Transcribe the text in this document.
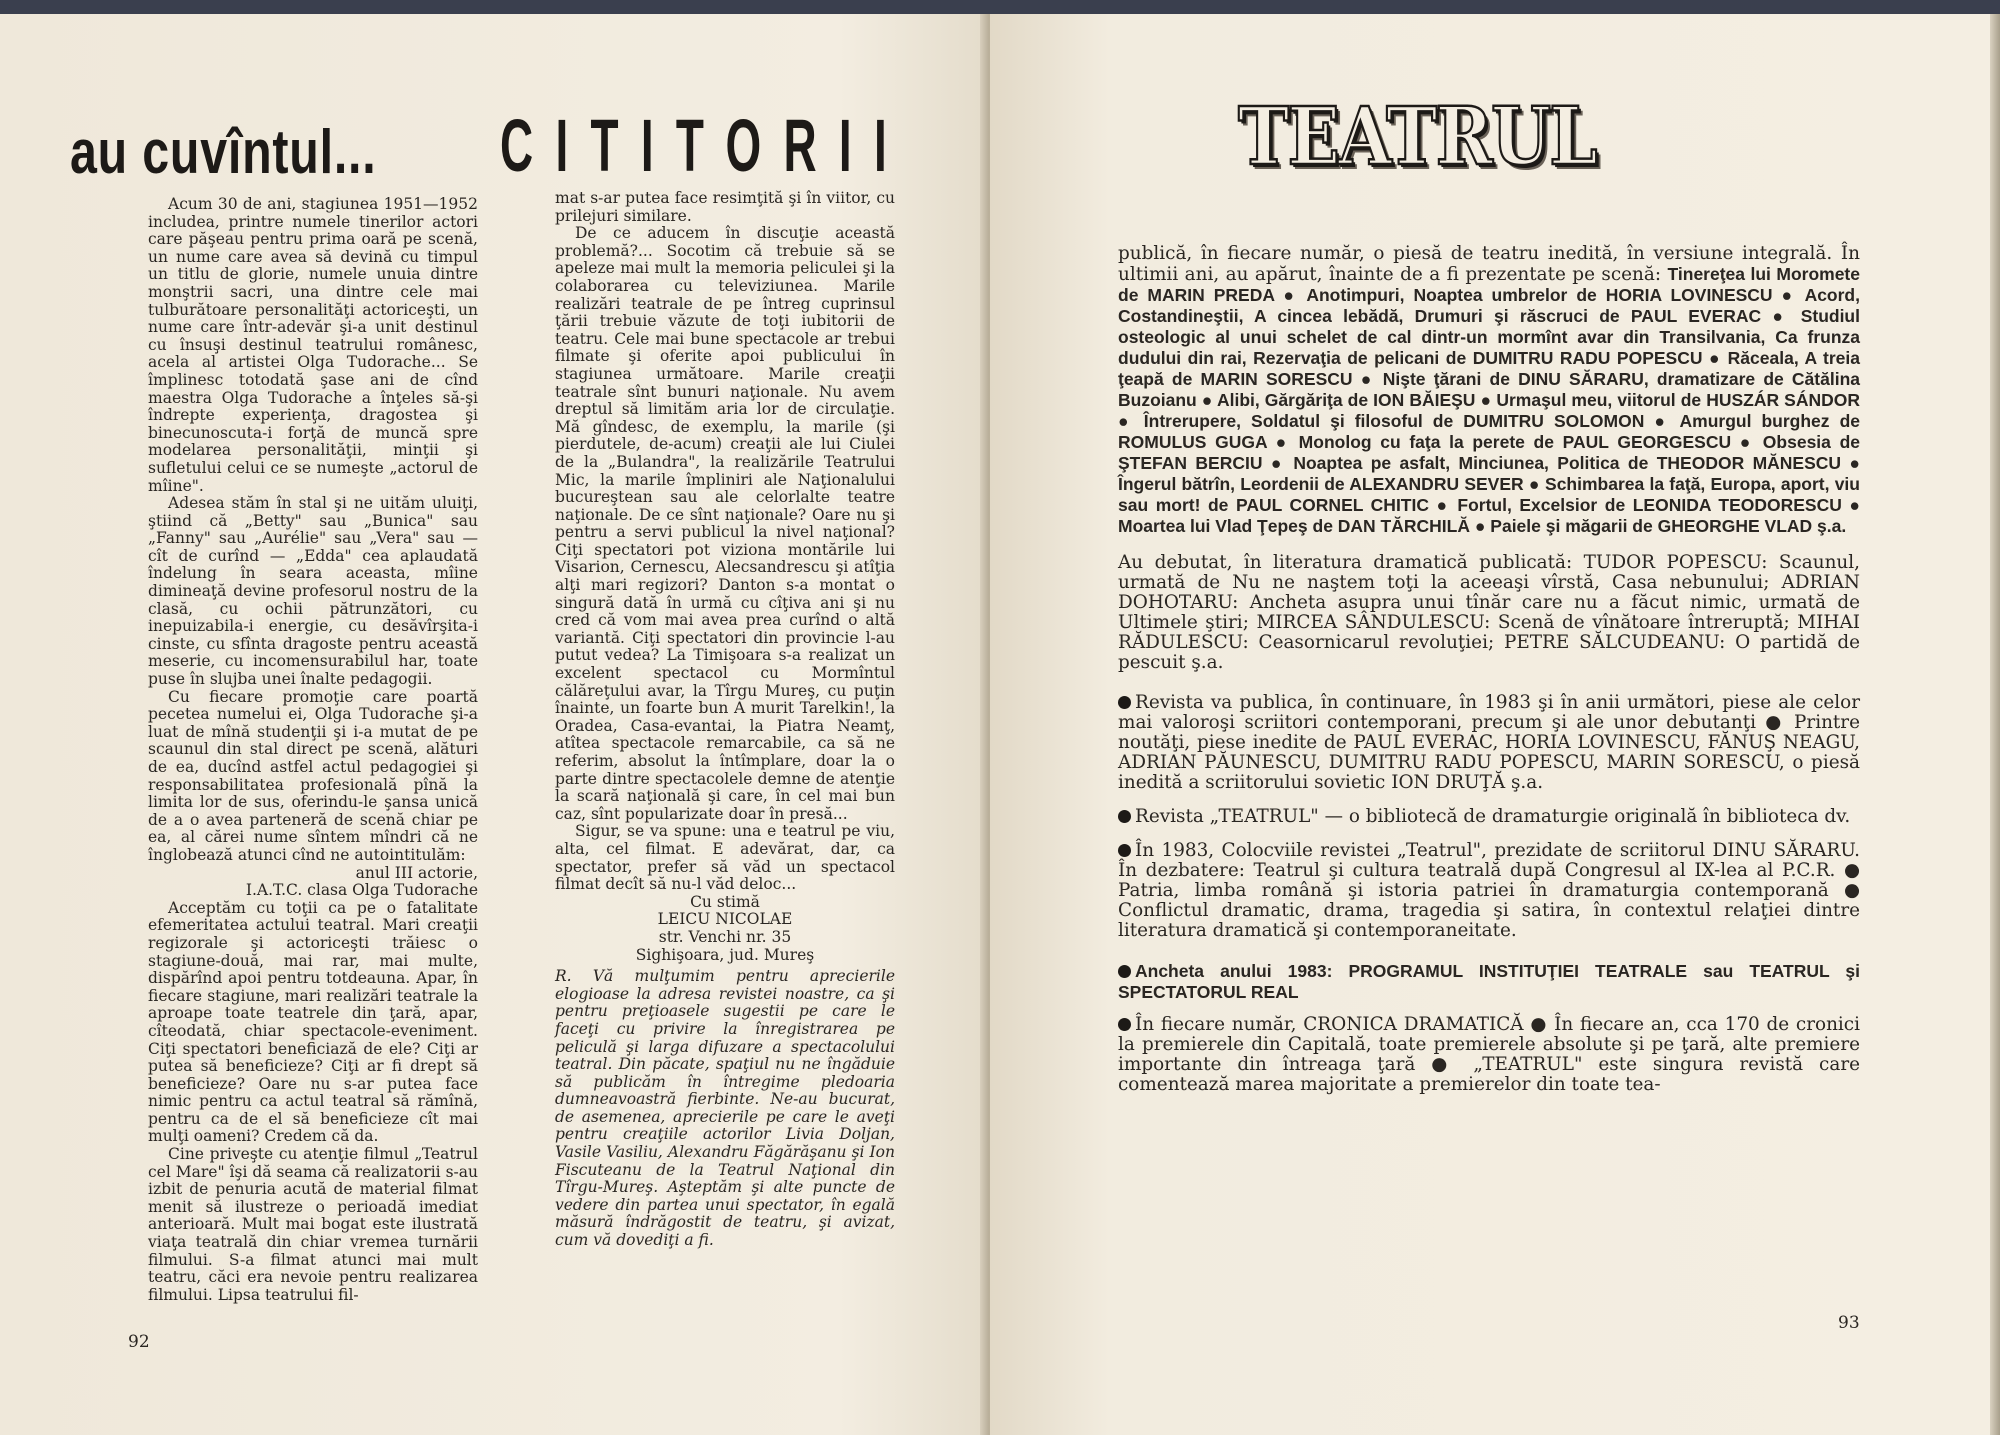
au cuvîntul... CITITORII

Acum 30 de ani, stagiunea 1951—1952 includea, printre numele tinerilor actori care păşeau pentru prima oară pe scenă, un nume care avea să devină cu timpul un titlu de glorie, numele unuia dintre monştrii sacri, una dintre cele mai tulburătoare personalităţi actoriceşti, un nume care într-adevăr şi-a unit destinul cu însuşi destinul teatrului românesc, acela al artistei Olga Tudorache... Se împlinesc totodată şase ani de cînd maestra Olga Tudorache a înţeles să-şi îndrepte experienţa, dragostea şi binecunoscuta-i forţă de muncă spre modelarea personalităţii, minţii şi sufletului celui ce se numeşte „actorul de mîine".

Adesea stăm în stal şi ne uităm uluiţi, ştiind că „Betty" sau „Bunica" sau „Fanny" sau „Aurélie" sau „Vera" sau — cît de curînd — „Edda" cea aplaudată îndelung în seara aceasta, mîine dimineaţă devine profesorul nostru de la clasă, cu ochii pătrunzători, cu inepuizabila-i energie, cu desăvîrşita-i cinste, cu sfînta dragoste pentru această meserie, cu incomensurabilul har, toate puse în slujba unei înalte pedagogii.

Cu fiecare promoţie care poartă pecetea numelui ei, Olga Tudorache şi-a luat de mînă studenţii şi i-a mutat de pe scaunul din stal direct pe scenă, alături de ea, ducînd astfel actul pedagogiei şi responsabilitatea profesională pînă la limita lor de sus, oferindu-le şansa unică de a o avea parteneră de scenă chiar pe ea, al cărei nume sîntem mîndri că ne înglobează atunci cînd ne autointitulăm:

anul III actorie,

I.A.T.C. clasa Olga Tudorache

Acceptăm cu toţii ca pe o fatalitate efemeritatea actului teatral. Mari creaţii regizorale şi actoriceşti trăiesc o stagiune-două, mai rar, mai multe, dispărînd apoi pentru totdeauna. Apar, în fiecare stagiune, mari realizări teatrale la aproape toate teatrele din ţară, apar, cîteodată, chiar spectacole-eveniment. Ciţi spectatori beneficiază de ele? Ciţi ar putea să beneficieze? Ciţi ar fi drept să beneficieze? Oare nu s-ar putea face nimic pentru ca actul teatral să rămînă, pentru ca de el să beneficieze cît mai mulţi oameni? Credem că da.

Cine priveşte cu atenţie filmul „Teatrul cel Mare" îşi dă seama că realizatorii s-au izbit de penuria acută de material filmat menit să ilustreze o perioadă imediat anterioară. Mult mai bogat este ilustrată viaţa teatrală din chiar vremea turnării filmului. S-a filmat atunci mai mult teatru, căci era nevoie pentru realizarea filmului. Lipsa teatrului fil-

mat s-ar putea face resimţită şi în viitor, cu prilejuri similare.

De ce aducem în discuţie această problemă?... Socotim că trebuie să se apeleze mai mult la memoria peliculei şi la colaborarea cu televiziunea. Marile realizări teatrale de pe întreg cuprinsul ţării trebuie văzute de toţi iubitorii de teatru. Cele mai bune spectacole ar trebui filmate şi oferite apoi publicului în stagiunea următoare. Marile creaţii teatrale sînt bunuri naţionale. Nu avem dreptul să limităm aria lor de circulaţie. Mă gîndesc, de exemplu, la marile (şi pierdutele, de-acum) creaţii ale lui Ciulei de la „Bulandra", la realizările Teatrului Mic, la marile împliniri ale Naţionalului bucureştean sau ale celorlalte teatre naţionale. De ce sînt naţionale? Oare nu şi pentru a servi publicul la nivel naţional? Ciţi spectatori pot viziona montările lui Visarion, Cernescu, Alecsandrescu şi atîţia alţi mari regizori? Danton s-a montat o singură dată în urmă cu cîţiva ani şi nu cred că vom mai avea prea curînd o altă variantă. Ciţi spectatori din provincie l-au putut vedea? La Timişoara s-a realizat un excelent spectacol cu Mormîntul călăreţului avar, la Tîrgu Mureş, cu puţin înainte, un foarte bun A murit Tarelkin!, la Oradea, Casa-evantai, la Piatra Neamţ, atîtea spectacole remarcabile, ca să ne referim, absolut la întîmplare, doar la o parte dintre spectacolele demne de atenţie la scară naţională şi care, în cel mai bun caz, sînt popularizate doar în presă...

Sigur, se va spune: una e teatrul pe viu, alta, cel filmat. E adevărat, dar, ca spectator, prefer să văd un spectacol filmat decît să nu-l văd deloc...

Cu stimă

LEICU NICOLAE

str. Venchi nr. 35

Sighişoara, jud. Mureş

R. Vă mulţumim pentru aprecierile elogioase la adresa revistei noastre, ca şi pentru preţioasele sugestii pe care le faceţi cu privire la înregistrarea pe peliculă şi larga difuzare a spectacolului teatral. Din păcate, spaţiul nu ne îngăduie să publicăm în întregime pledoaria dumneavoastră fierbinte. Ne-au bucurat, de asemenea, aprecierile pe care le aveţi pentru creaţiile actorilor Livia Doljan, Vasile Vasiliu, Alexandru Făgărăşanu şi Ion Fiscuteanu de la Teatrul Naţional din Tîrgu-Mureş. Aşteptăm şi alte puncte de vedere din partea unui spectator, în egală măsură îndrăgostit de teatru, şi avizat, cum vă dovediţi a fi.

92
TEATRUL

publică, în fiecare număr, o piesă de teatru inedită, în versiune integrală. În ultimii ani, au apărut, înainte de a fi prezentate pe scenă: Tinereţea lui Moromete de MARIN PREDA ● Anotimpuri, Noaptea umbrelor de HORIA LOVINESCU ● Acord, Costandineştii, A cincea lebădă, Drumuri şi răscruci de PAUL EVERAC ● Studiul osteologic al unui schelet de cal dintr-un mormînt avar din Transilvania, Ca frunza dudului din rai, Rezervaţia de pelicani de DUMITRU RADU POPESCU ● Răceala, A treia ţeapă de MARIN SORESCU ● Nişte ţărani de DINU SĂRARU, dramatizare de Cătălina Buzoianu ● Alibi, Gărgăriţa de ION BĂIEŞU ● Urmaşul meu, viitorul de HUSZÁR SÁNDOR ● Întrerupere, Soldatul şi filosoful de DUMITRU SOLOMON ● Amurgul burghez de ROMULUS GUGA ● Monolog cu faţa la perete de PAUL GEORGESCU ● Obsesia de ŞTEFAN BERCIU ● Noaptea pe asfalt, Minciunea, Politica de THEODOR MĂNESCU ● Îngerul bătrîn, Leordenii de ALEXANDRU SEVER ● Schimbarea la faţă, Europa, aport, viu sau mort! de PAUL CORNEL CHITIC ● Fortul, Excelsior de LEONIDA TEODORESCU ● Moartea lui Vlad Ţepeş de DAN TĂRCHILĂ ● Paiele şi măgarii de GHEORGHE VLAD ş.a.

Au debutat, în literatura dramatică publicată: TUDOR POPESCU: Scaunul, urmată de Nu ne naştem toţi la aceeaşi vîrstă, Casa nebunului; ADRIAN DOHOTARU: Ancheta asupra unui tînăr care nu a făcut nimic, urmată de Ultimele ştiri; MIRCEA SÂNDULESCU: Scenă de vînătoare întreruptă; MIHAI RĂDULESCU: Ceasornicarul revoluţiei; PETRE SĂLCUDEANU: O partidă de pescuit ş.a.

Revista va publica, în continuare, în 1983 şi în anii următori, piese ale celor mai valoroşi scriitori contemporani, precum şi ale unor debutanţi ● Printre noutăţi, piese inedite de PAUL EVERAC, HORIA LOVINESCU, FĂNUŞ NEAGU, ADRIAN PĂUNESCU, DUMITRU RADU POPESCU, MARIN SORESCU, o piesă inedită a scriitorului sovietic ION DRUŢĂ ş.a.

Revista „TEATRUL" — o bibliotecă de dramaturgie originală în biblioteca dv.

În 1983, Colocviile revistei „Teatrul", prezidate de scriitorul DINU SĂRARU. În dezbatere: Teatrul şi cultura teatrală după Congresul al IX-lea al P.C.R. ● Patria, limba română şi istoria patriei în dramaturgia contemporană ● Conflictul dramatic, drama, tragedia şi satira, în contextul relaţiei dintre literatura dramatică şi contemporaneitate.

Ancheta anului 1983: PROGRAMUL INSTITUŢIEI TEATRALE sau TEATRUL şi SPECTATORUL REAL

În fiecare număr, CRONICA DRAMATICĂ ● În fiecare an, cca 170 de cronici la premierele din Capitală, toate premierele absolute şi pe ţară, alte premiere importante din întreaga ţară ● „TEATRUL" este singura revistă care comentează marea majoritate a premierelor din toate tea-

93
